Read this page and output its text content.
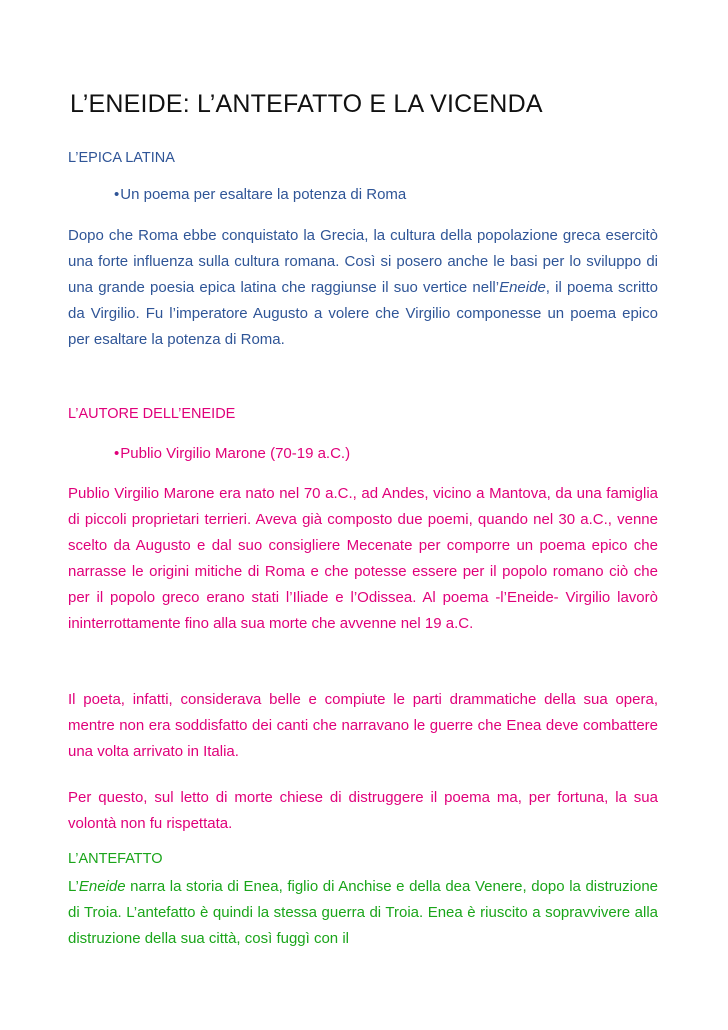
L’ENEIDE: L’ANTEFATTO E LA VICENDA
L’EPICA LATINA
•Un poema per esaltare la potenza di Roma

Dopo che Roma ebbe conquistato la Grecia, la cultura della popolazione greca esercitò una forte influenza sulla cultura romana. Così si posero anche le basi per lo sviluppo di una grande poesia epica latina che raggiunse il suo vertice nell’Eneide, il poema scritto da Virgilio. Fu l’imperatore Augusto a volere che Virgilio componesse un poema epico per esaltare la potenza di Roma.

L’AUTORE DELL’ENEIDE
•Publio Virgilio Marone (70-19 a.C.)

Publio Virgilio Marone era nato nel 70 a.C., ad Andes, vicino a Mantova, da una famiglia di piccoli proprietari terrieri. Aveva già composto due poemi, quando nel 30 a.C., venne scelto da Augusto e dal suo consigliere Mecenate per comporre un poema epico che narrasse le origini mitiche di Roma e che potesse essere per il popolo romano ciò che per il popolo greco erano stati l’Iliade e l’Odissea. Al poema -l’Eneide- Virgilio lavorò ininterrottamente fino alla sua morte che avvenne nel 19 a.C.

Il poeta, infatti, considerava belle e compiute le parti drammatiche della sua opera, mentre non era soddisfatto dei canti che narravano le guerre che Enea deve combattere una volta arrivato in Italia.

Per questo, sul letto di morte chiese di distruggere il poema ma, per fortuna, la sua volontà non fu rispettata.

L’ANTEFATTO

L’Eneide narra la storia di Enea, figlio di Anchise e della dea Venere, dopo la distruzione di Troia. L’antefatto è quindi la stessa guerra di Troia. Enea è riuscito a sopravvivere alla distruzione della sua città, così fuggì con il
